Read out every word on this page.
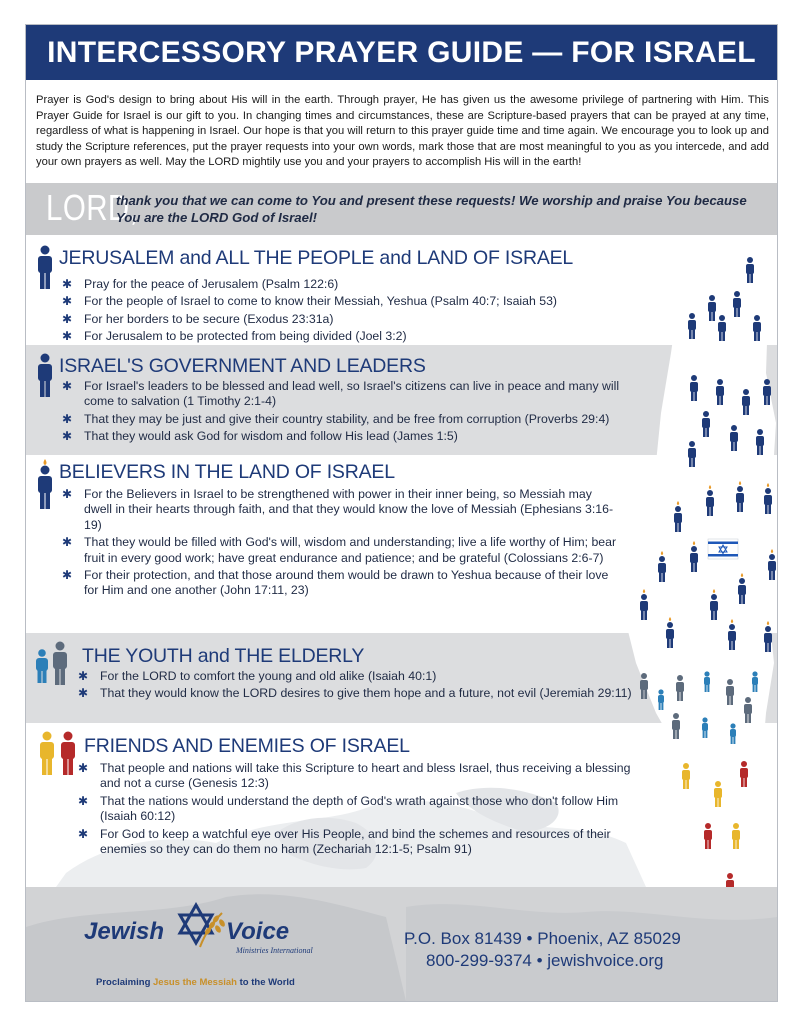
INTERCESSORY PRAYER GUIDE — FOR ISRAEL
Prayer is God's design to bring about His will in the earth. Through prayer, He has given us the awesome privilege of partnering with Him. This Prayer Guide for Israel is our gift to you. In changing times and circumstances, these are Scripture-based prayers that can be prayed at any time, regardless of what is happening in Israel. Our hope is that you will return to this prayer guide time and time again. We encourage you to look up and study the Scripture references, put the prayer requests into your own words, mark those that are most meaningful to you as you intercede, and add your own prayers as well. May the LORD mightily use you and your prayers to accomplish His will in the earth!
LORD,
thank you that we can come to You and present these requests! We worship and praise You because You are the LORD God of Israel!
JERUSALEM and ALL THE PEOPLE and LAND OF ISRAEL
✱ Pray for the peace of Jerusalem (Psalm 122:6)
✱ For the people of Israel to come to know their Messiah, Yeshua (Psalm 40:7; Isaiah 53)
✱ For her borders to be secure (Exodus 23:31a)
✱ For Jerusalem to be protected from being divided (Joel 3:2)
ISRAEL'S GOVERNMENT AND LEADERS
✱ For Israel's leaders to be blessed and lead well, so Israel's citizens can live in peace and many will come to salvation (1 Timothy 2:1-4)
✱ That they may be just and give their country stability, and be free from corruption (Proverbs 29:4)
✱ That they would ask God for wisdom and follow His lead (James 1:5)
BELIEVERS IN THE LAND OF ISRAEL
✱ For the Believers in Israel to be strengthened with power in their inner being, so Messiah may dwell in their hearts through faith, and that they would know the love of Messiah (Ephesians 3:16-19)
✱ That they would be filled with God's will, wisdom and understanding; live a life worthy of Him; bear fruit in every good work; have great endurance and patience; and be grateful (Colossians 2:6-7)
✱ For their protection, and that those around them would be drawn to Yeshua because of their love for Him and one another (John 17:11, 23)
THE YOUTH and THE ELDERLY
✱ For the LORD to comfort the young and old alike (Isaiah 40:1)
✱ That they would know the LORD desires to give them hope and a future, not evil (Jeremiah 29:11)
FRIENDS AND ENEMIES OF ISRAEL
✱ That people and nations will take this Scripture to heart and bless Israel, thus receiving a blessing and not a curse (Genesis 12:3)
✱ That the nations would understand the depth of God's wrath against those who don't follow Him (Isaiah 60:12)
✱ For God to keep a watchful eye over His People, and bind the schemes and resources of their enemies so they can do them no harm (Zechariah 12:1-5; Psalm 91)
Jewish	Voice
Ministries International
Proclaiming Jesus the Messiah to the World
P.O. Box 81439 • Phoenix, AZ 85029
800-299-9374 • jewishvoice.org
